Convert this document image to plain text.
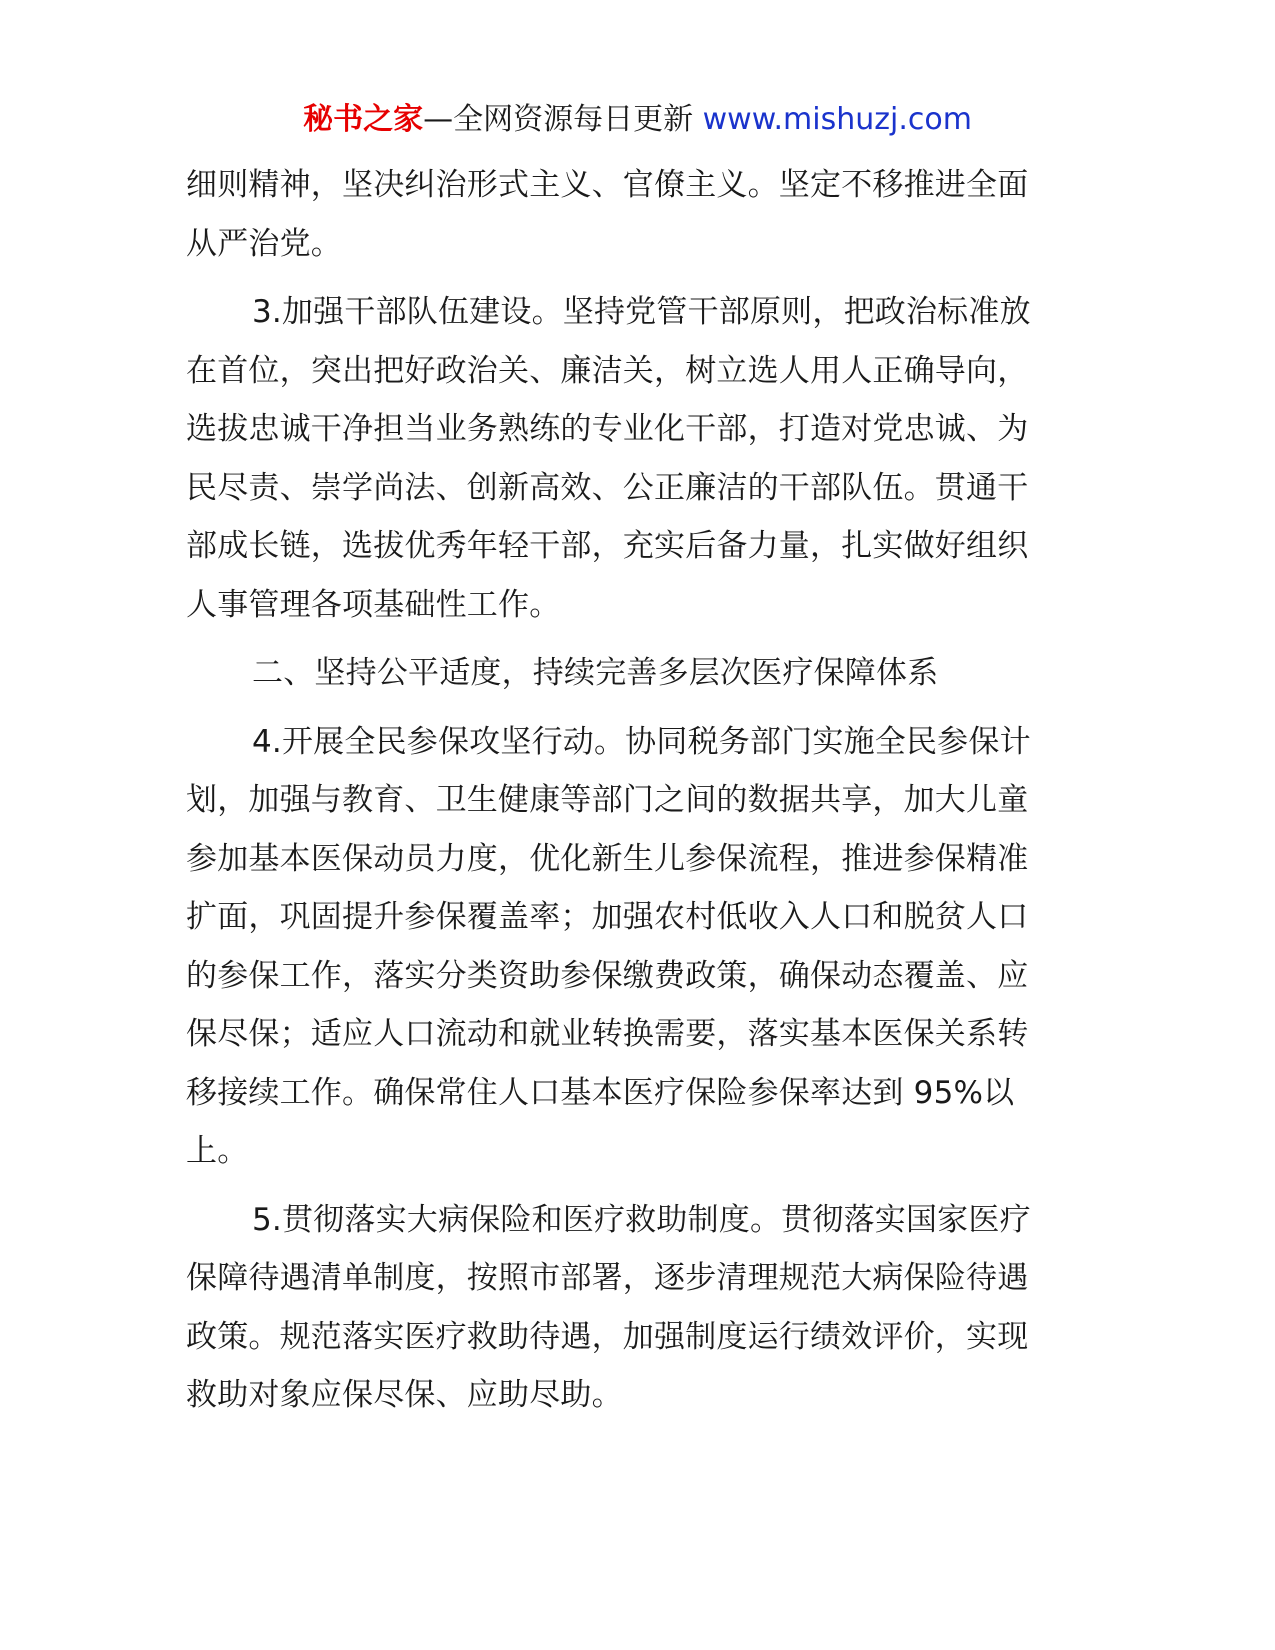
秘书之家—全网资源每日更新 www.mishuzj.com

细则精神，坚决纠治形式主义、官僚主义。坚定不移推进全面
从严治党。

3.加强干部队伍建设。坚持党管干部原则，把政治标准放
在首位，突出把好政治关、廉洁关，树立选人用人正确导向，
选拔忠诚干净担当业务熟练的专业化干部，打造对党忠诚、为
民尽责、崇学尚法、创新高效、公正廉洁的干部队伍。贯通干
部成长链，选拔优秀年轻干部，充实后备力量，扎实做好组织
人事管理各项基础性工作。

二、坚持公平适度，持续完善多层次医疗保障体系

4.开展全民参保攻坚行动。协同税务部门实施全民参保计
划，加强与教育、卫生健康等部门之间的数据共享，加大儿童
参加基本医保动员力度，优化新生儿参保流程，推进参保精准
扩面，巩固提升参保覆盖率；加强农村低收入人口和脱贫人口
的参保工作，落实分类资助参保缴费政策，确保动态覆盖、应
保尽保；适应人口流动和就业转换需要，落实基本医保关系转
移接续工作。确保常住人口基本医疗保险参保率达到 95%以
上。

5.贯彻落实大病保险和医疗救助制度。贯彻落实国家医疗
保障待遇清单制度，按照市部署，逐步清理规范大病保险待遇
政策。规范落实医疗救助待遇，加强制度运行绩效评价，实现
救助对象应保尽保、应助尽助。
